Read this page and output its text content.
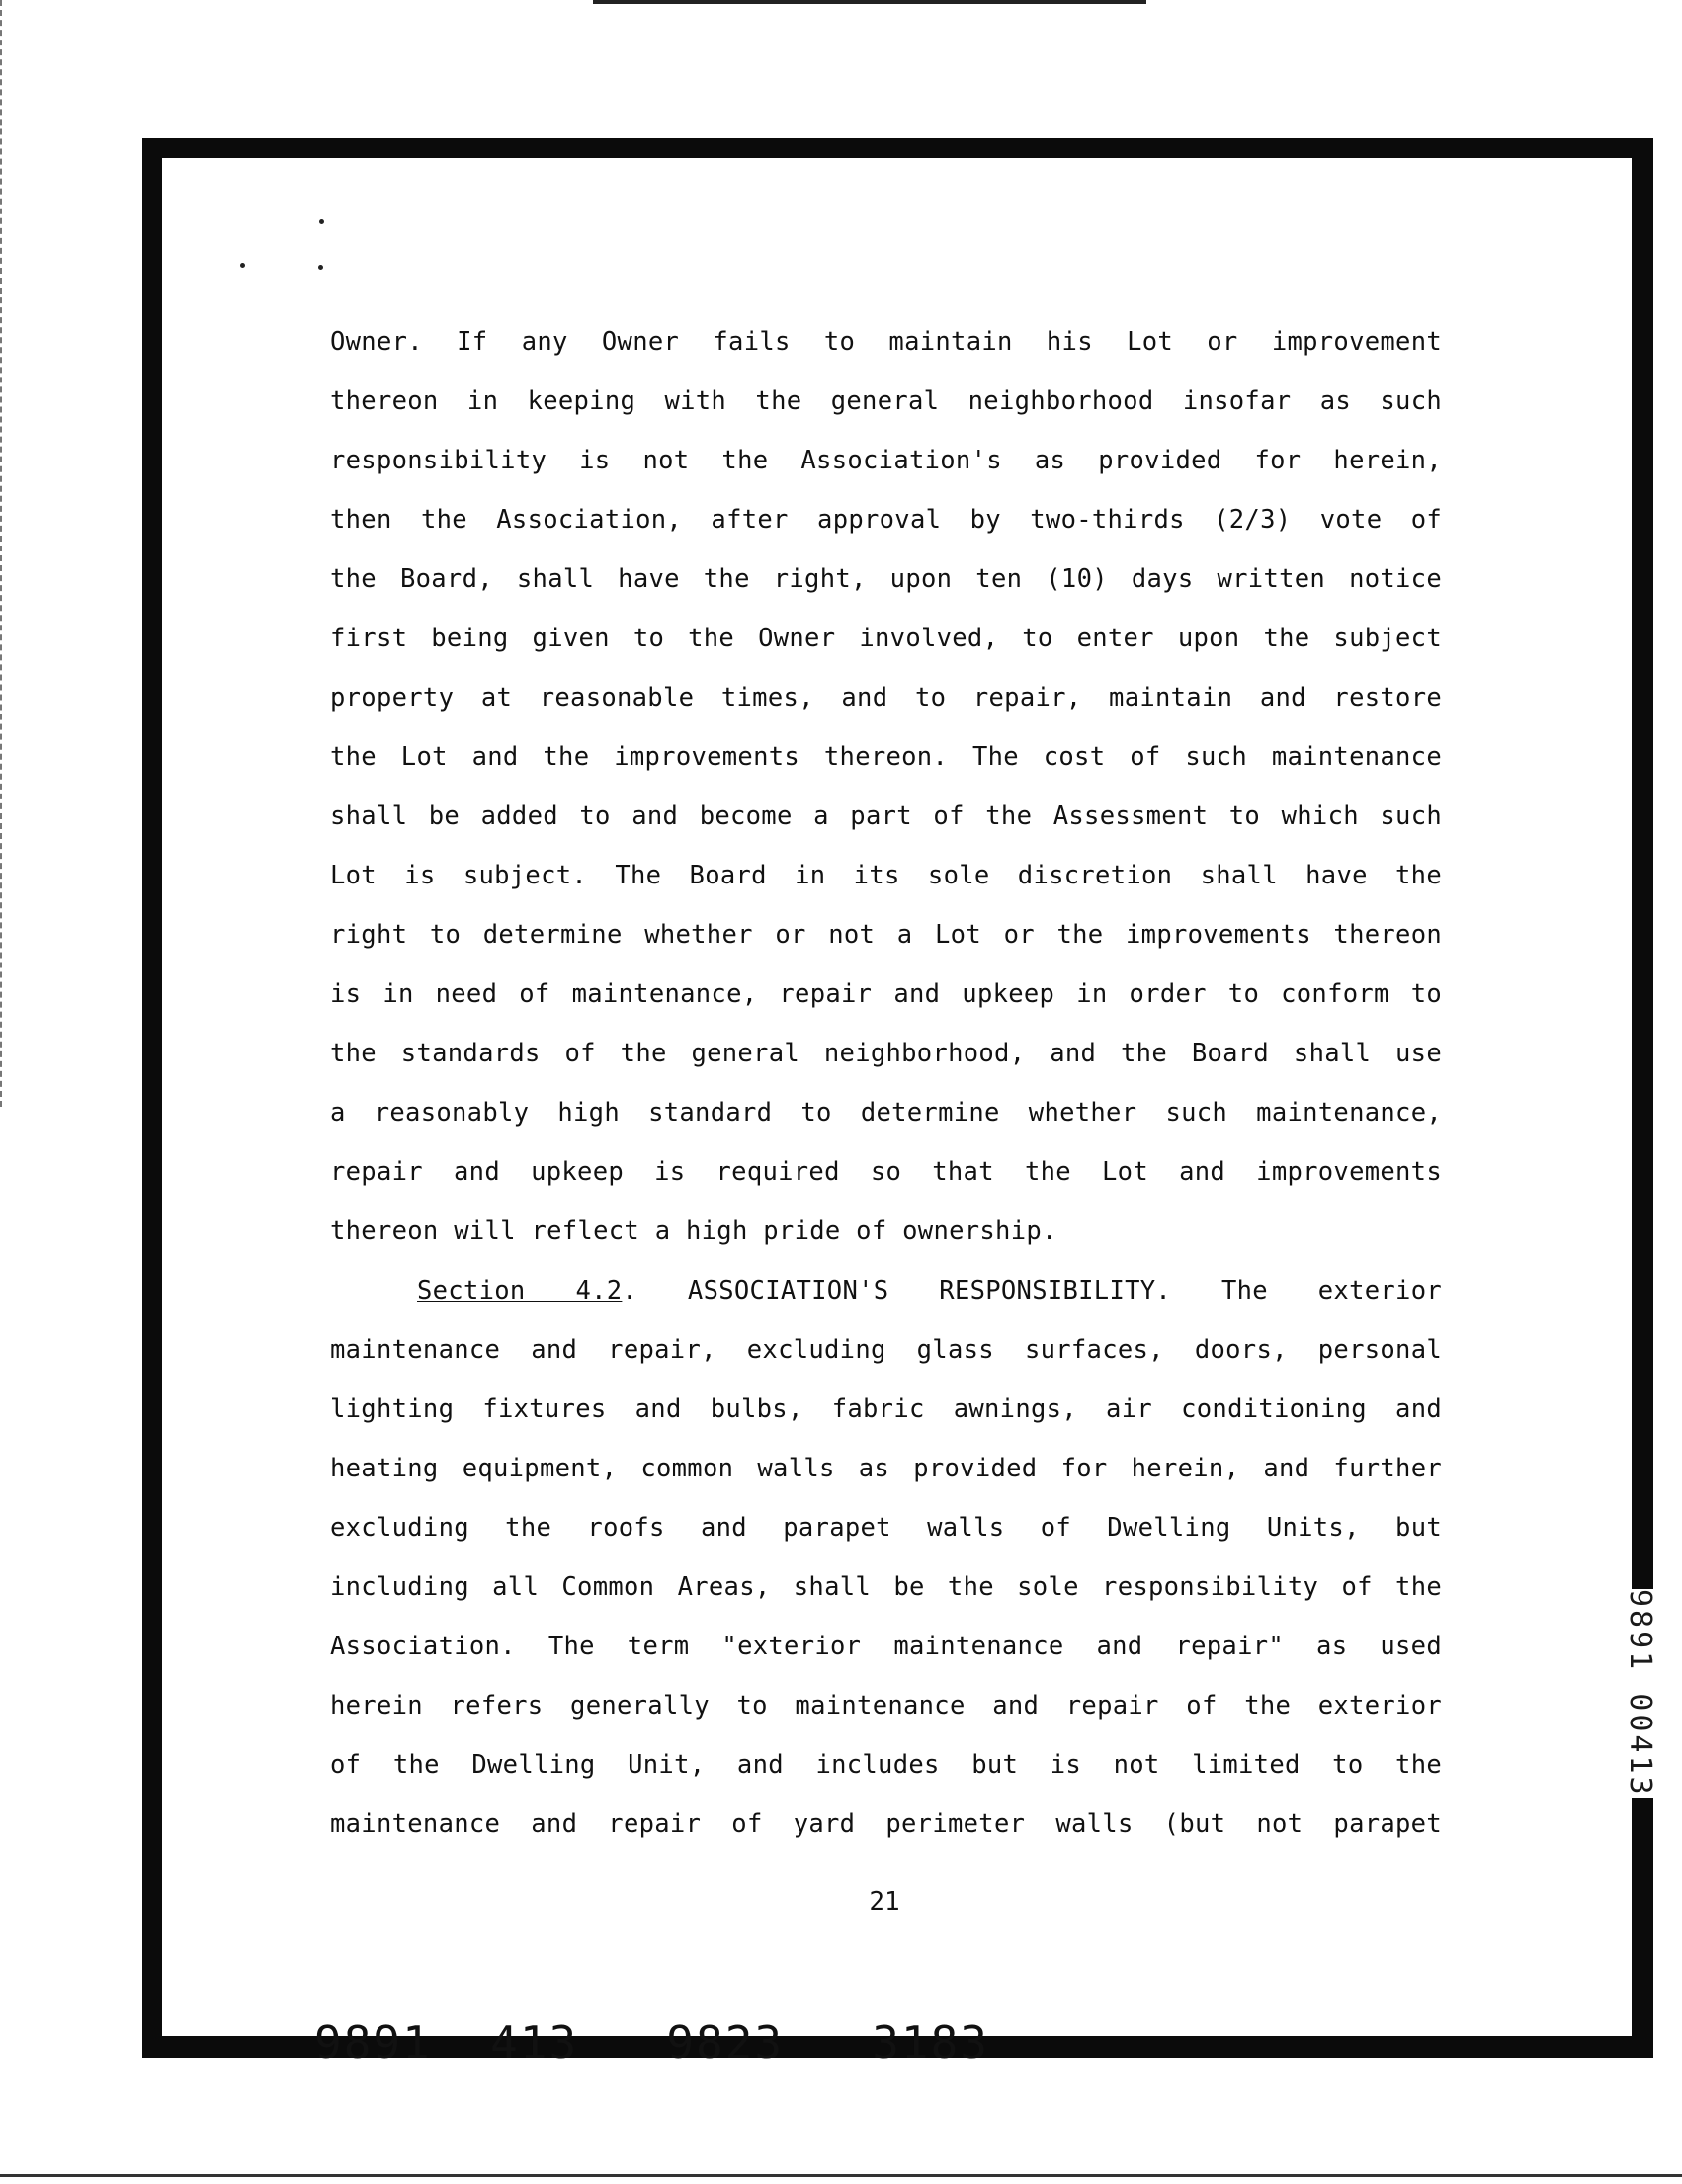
Owner. If any Owner fails to maintain his Lot or improvement
thereon in keeping with the general neighborhood insofar as such
responsibility is not the Association's as provided for herein,
then the Association, after approval by two-thirds (2/3) vote of
the Board, shall have the right, upon ten (10) days written notice
first being given to the Owner involved, to enter upon the subject
property at reasonable times, and to repair, maintain and restore
the Lot and the improvements thereon. The cost of such maintenance
shall be added to and become a part of the Assessment to which such
Lot is subject. The Board in its sole discretion shall have the
right to determine whether or not a Lot or the improvements thereon
is in need of maintenance, repair and upkeep in order to conform to
the standards of the general neighborhood, and the Board shall use
a reasonably high standard to determine whether such maintenance,
repair and upkeep is required so that the Lot and improvements
thereon will reflect a high pride of ownership.
Section 4.2. ASSOCIATION'S RESPONSIBILITY. The exterior
maintenance and repair, excluding glass surfaces, doors, personal
lighting fixtures and bulbs, fabric awnings, air conditioning and
heating equipment, common walls as provided for herein, and further
excluding the roofs and parapet walls of Dwelling Units, but
including all Common Areas, shall be the sole responsibility of the
Association. The term "exterior maintenance and repair" as used
herein refers generally to maintenance and repair of the exterior
of the Dwelling Unit, and includes but is not limited to the
maintenance and repair of yard perimeter walls (but not parapet
9891 00413
21
9891  413   9823   3183
